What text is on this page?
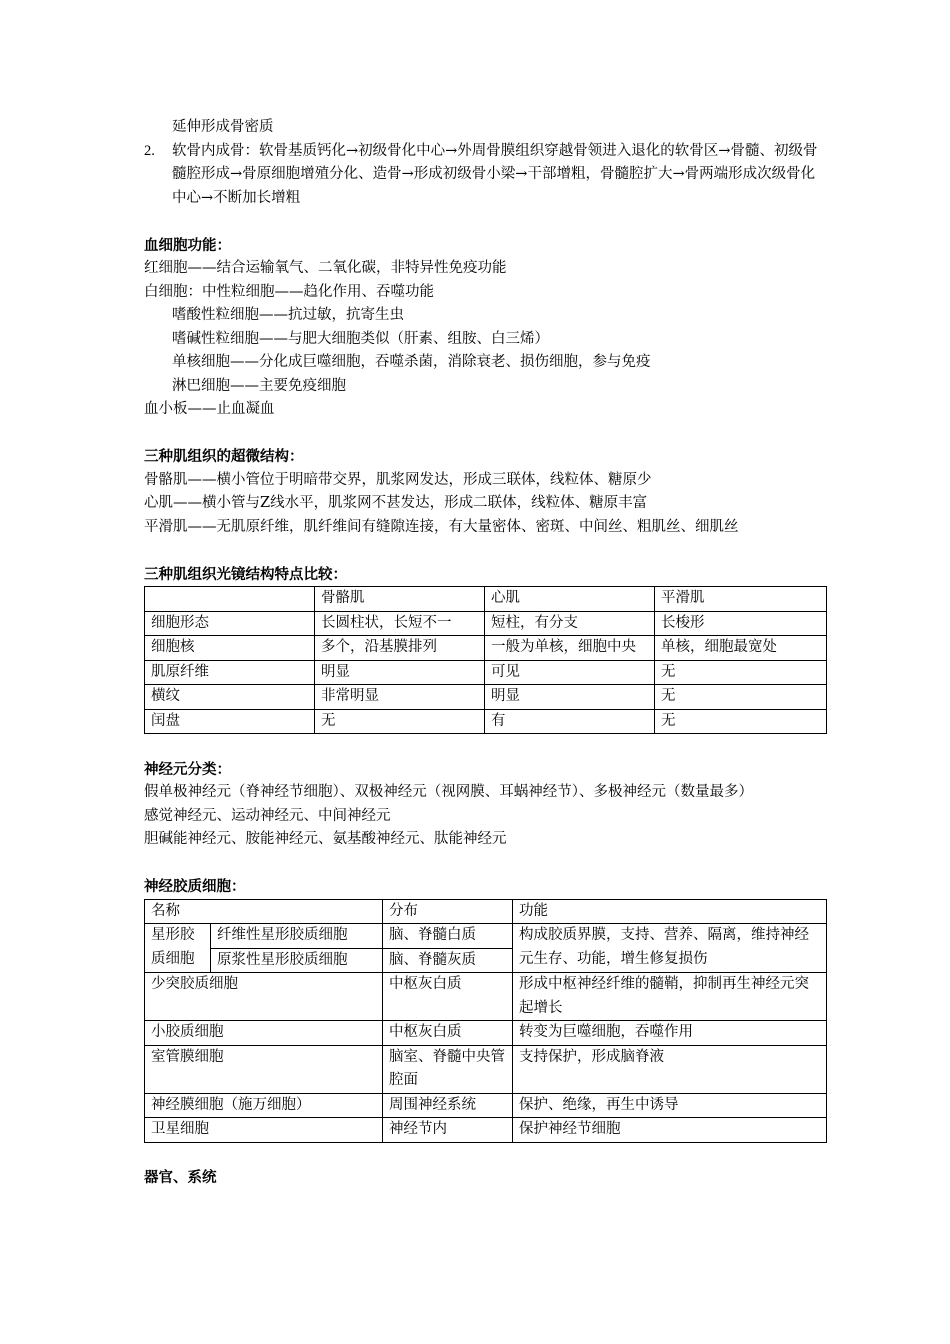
延伸形成骨密质
2.	软骨内成骨：软骨基质钙化→初级骨化中心→外周骨膜组织穿越骨领进入退化的软骨区→骨髓、初级骨髓腔形成→骨原细胞增殖分化、造骨→形成初级骨小梁→干部增粗，骨髓腔扩大→骨两端形成次级骨化中心→不断加长增粗
血细胞功能：
红细胞——结合运输氧气、二氧化碳，非特异性免疫功能
白细胞：中性粒细胞——趋化作用、吞噬功能
嗜酸性粒细胞——抗过敏，抗寄生虫
嗜碱性粒细胞——与肥大细胞类似（肝素、组胺、白三烯）
单核细胞——分化成巨噬细胞，吞噬杀菌，消除衰老、损伤细胞，参与免疫
淋巴细胞——主要免疫细胞
血小板——止血凝血
三种肌组织的超微结构：
骨骼肌——横小管位于明暗带交界，肌浆网发达，形成三联体，线粒体、糖原少
心肌——横小管与Z线水平，肌浆网不甚发达，形成二联体，线粒体、糖原丰富
平滑肌——无肌原纤维，肌纤维间有缝隙连接，有大量密体、密斑、中间丝、粗肌丝、细肌丝
三种肌组织光镜结构特点比较：
	骨骼肌	心肌	平滑肌
细胞形态	长圆柱状，长短不一	短柱，有分支	长梭形
细胞核	多个，沿基膜排列	一般为单核，细胞中央	单核，细胞最宽处
肌原纤维	明显	可见	无
横纹	非常明显	明显	无
闰盘	无	有	无
神经元分类：
假单极神经元（脊神经节细胞）、双极神经元（视网膜、耳蜗神经节）、多极神经元（数量最多）
感觉神经元、运动神经元、中间神经元
胆碱能神经元、胺能神经元、氨基酸神经元、肽能神经元
神经胶质细胞：
名称		分布	功能
星形胶质细胞	纤维性星形胶质细胞	脑、脊髓白质	构成胶质界膜，支持、营养、隔离，维持神经元生存、功能，增生修复损伤
	原浆性星形胶质细胞	脑、脊髓灰质	
少突胶质细胞		中枢灰白质	形成中枢神经纤维的髓鞘，抑制再生神经元突起增长
小胶质细胞		中枢灰白质	转变为巨噬细胞，吞噬作用
室管膜细胞		脑室、脊髓中央管腔面	支持保护，形成脑脊液
神经膜细胞（施万细胞）		周围神经系统	保护、绝缘，再生中诱导
卫星细胞		神经节内	保护神经节细胞
器官、系统
